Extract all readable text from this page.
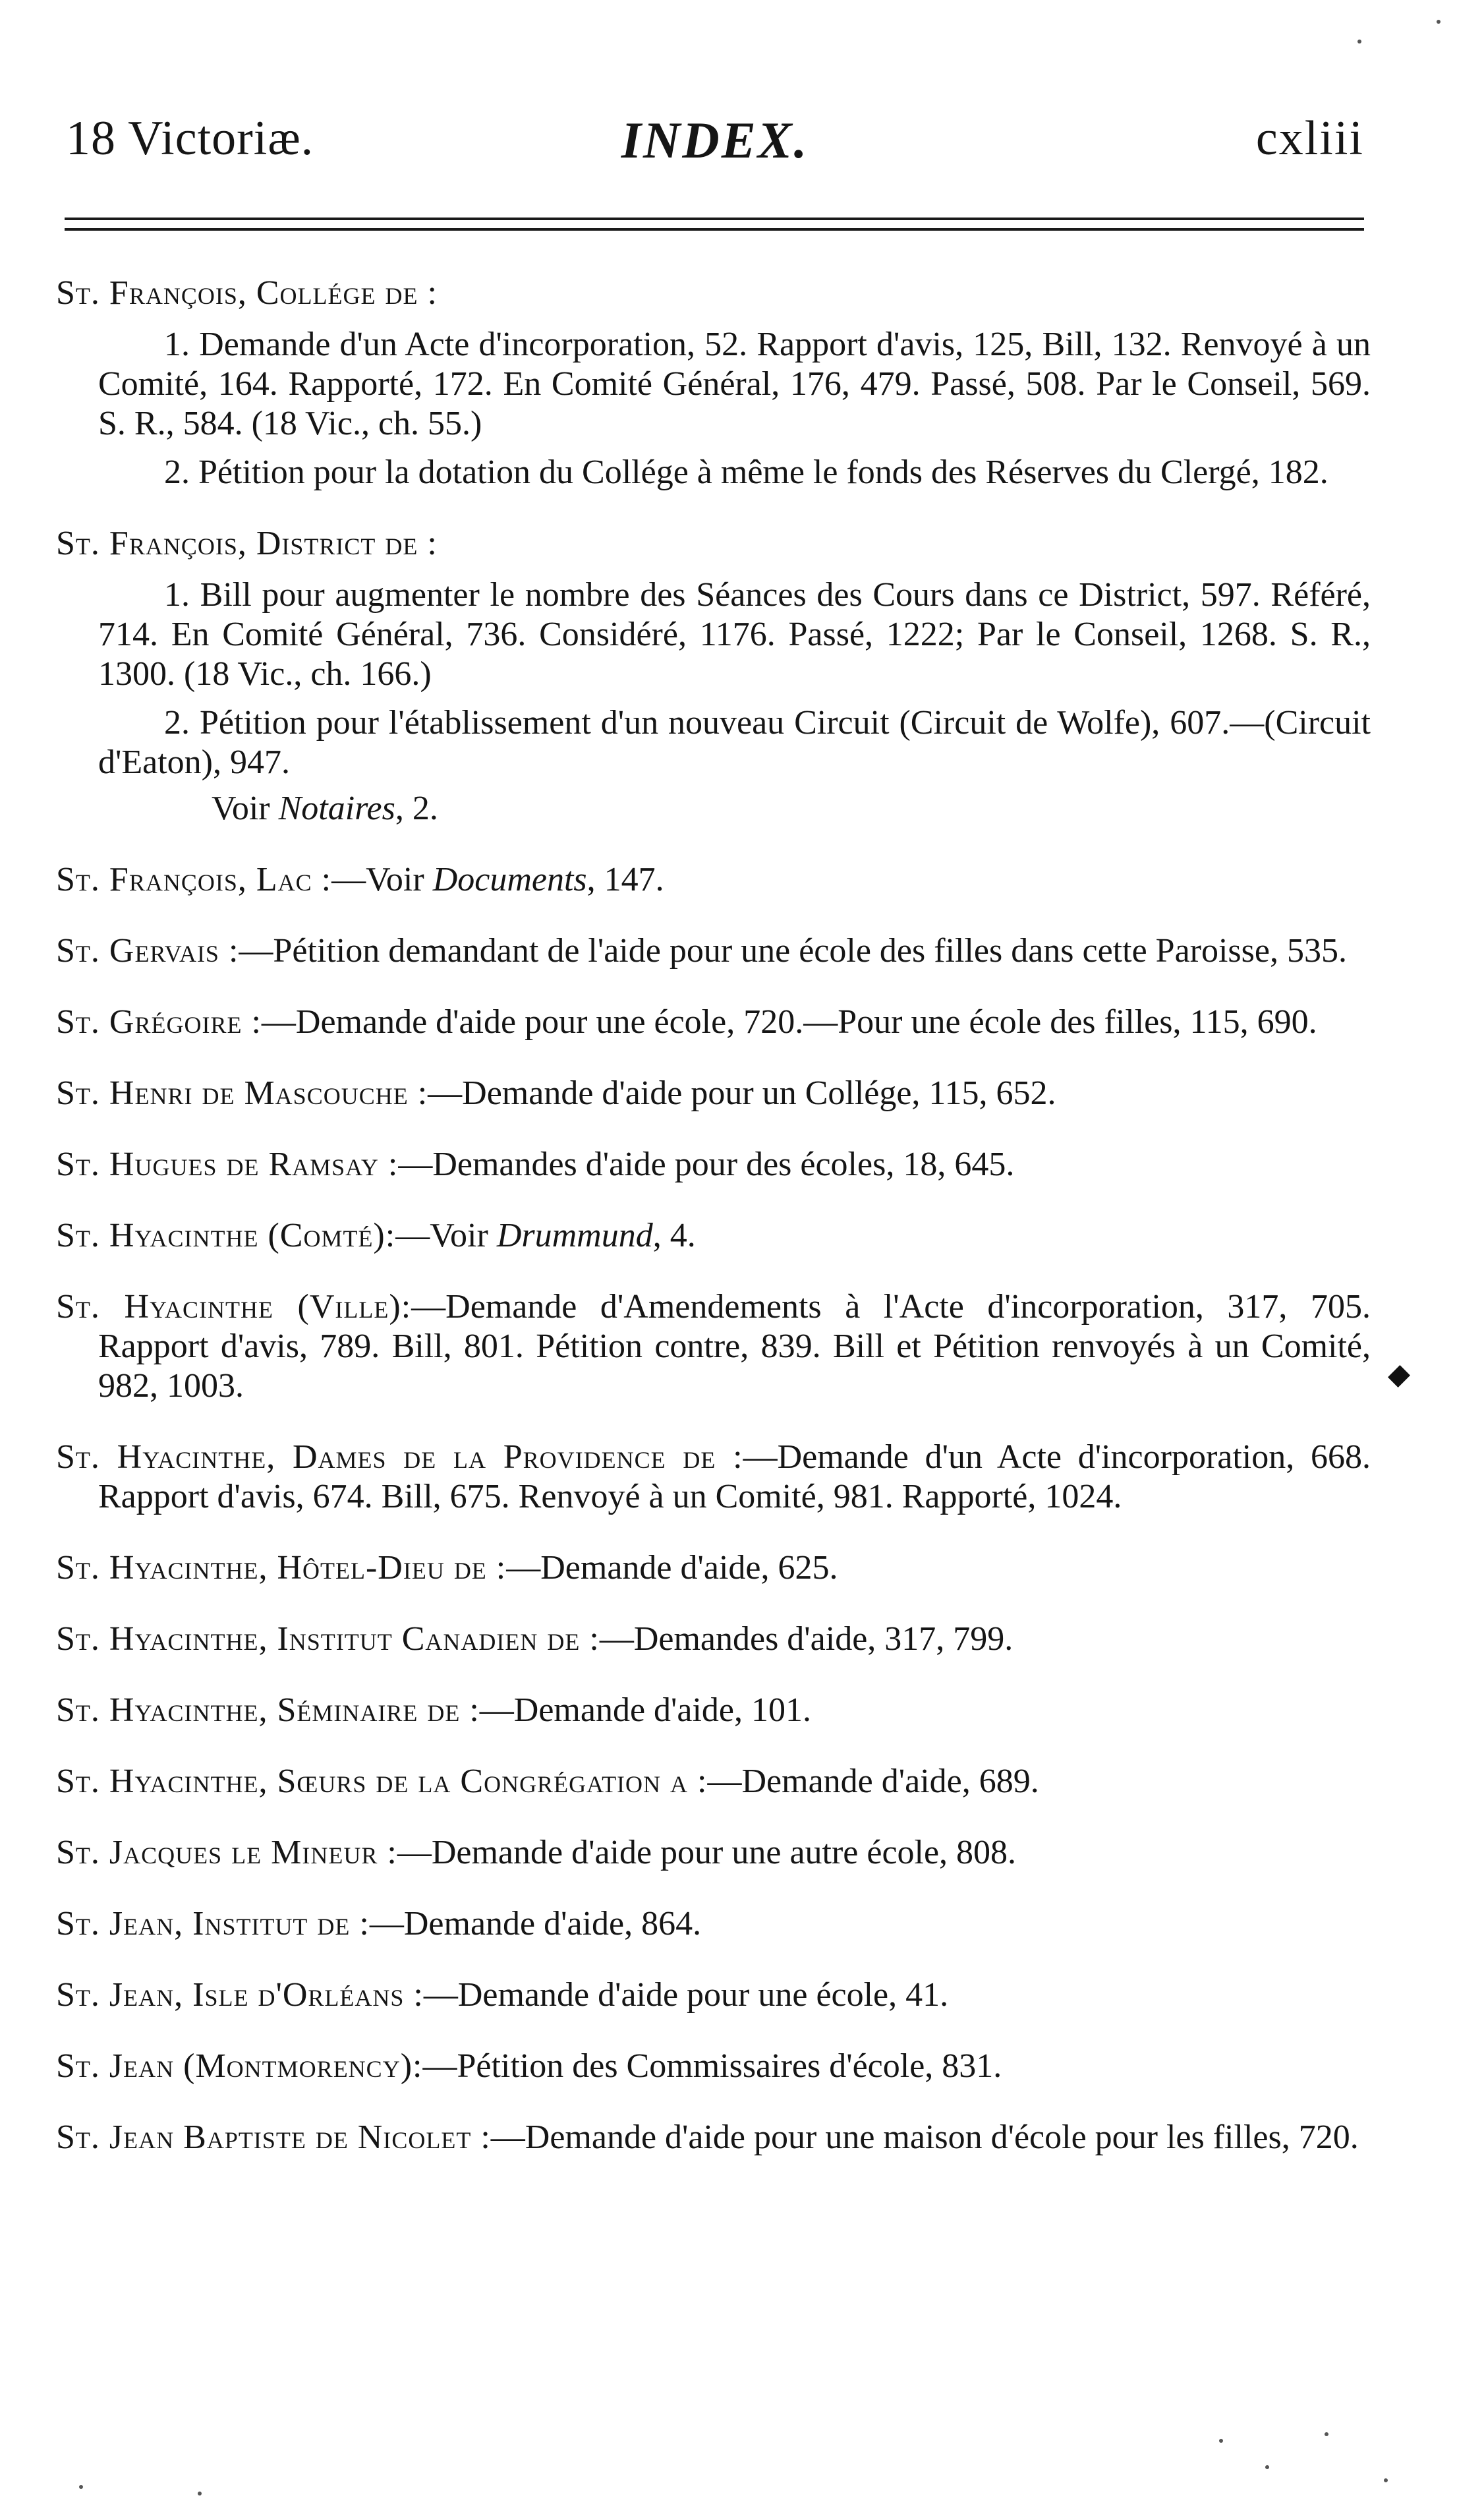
18 Victoriæ.	INDEX.	cxliii
St. François, Collége de :
1. Demande d'un Acte d'incorporation, 52. Rapport d'avis, 125, Bill, 132. Renvoyé à un Comité, 164. Rapporté, 172. En Comité Général, 176, 479. Passé, 508. Par le Conseil, 569. S. R., 584. (18 Vic., ch. 55.)
2. Pétition pour la dotation du Collége à même le fonds des Réserves du Clergé, 182.
St. François, District de :
1. Bill pour augmenter le nombre des Séances des Cours dans ce District, 597. Référé, 714. En Comité Général, 736. Considéré, 1176. Passé, 1222; Par le Conseil, 1268. S. R., 1300. (18 Vic., ch. 166.)
2. Pétition pour l'établissement d'un nouveau Circuit (Circuit de Wolfe), 607.—(Circuit d'Eaton), 947.
Voir Notaires, 2.
St. François, Lac :—Voir Documents, 147.
St. Gervais :—Pétition demandant de l'aide pour une école des filles dans cette Paroisse, 535.
St. Grégoire :—Demande d'aide pour une école, 720.—Pour une école des filles, 115, 690.
St. Henri de Mascouche :—Demande d'aide pour un Collége, 115, 652.
St. Hugues de Ramsay :—Demandes d'aide pour des écoles, 18, 645.
St. Hyacinthe (Comté):—Voir Drummund, 4.
St. Hyacinthe (Ville):—Demande d'Amendements à l'Acte d'incorporation, 317, 705. Rapport d'avis, 789. Bill, 801. Pétition contre, 839. Bill et Pétition renvoyés à un Comité, 982, 1003.
St. Hyacinthe, Dames de la Providence de :—Demande d'un Acte d'incorporation, 668. Rapport d'avis, 674. Bill, 675. Renvoyé à un Comité, 981. Rapporté, 1024.
St. Hyacinthe, Hôtel-Dieu de :—Demande d'aide, 625.
St. Hyacinthe, Institut Canadien de :—Demandes d'aide, 317, 799.
St. Hyacinthe, Séminaire de :—Demande d'aide, 101.
St. Hyacinthe, Sœurs de la Congrégation a :—Demande d'aide, 689.
St. Jacques le Mineur :—Demande d'aide pour une autre école, 808.
St. Jean, Institut de :—Demande d'aide, 864.
St. Jean, Isle d'Orléans :—Demande d'aide pour une école, 41.
St. Jean (Montmorency):—Pétition des Commissaires d'école, 831.
St. Jean Baptiste de Nicolet :—Demande d'aide pour une maison d'école pour les filles, 720.
